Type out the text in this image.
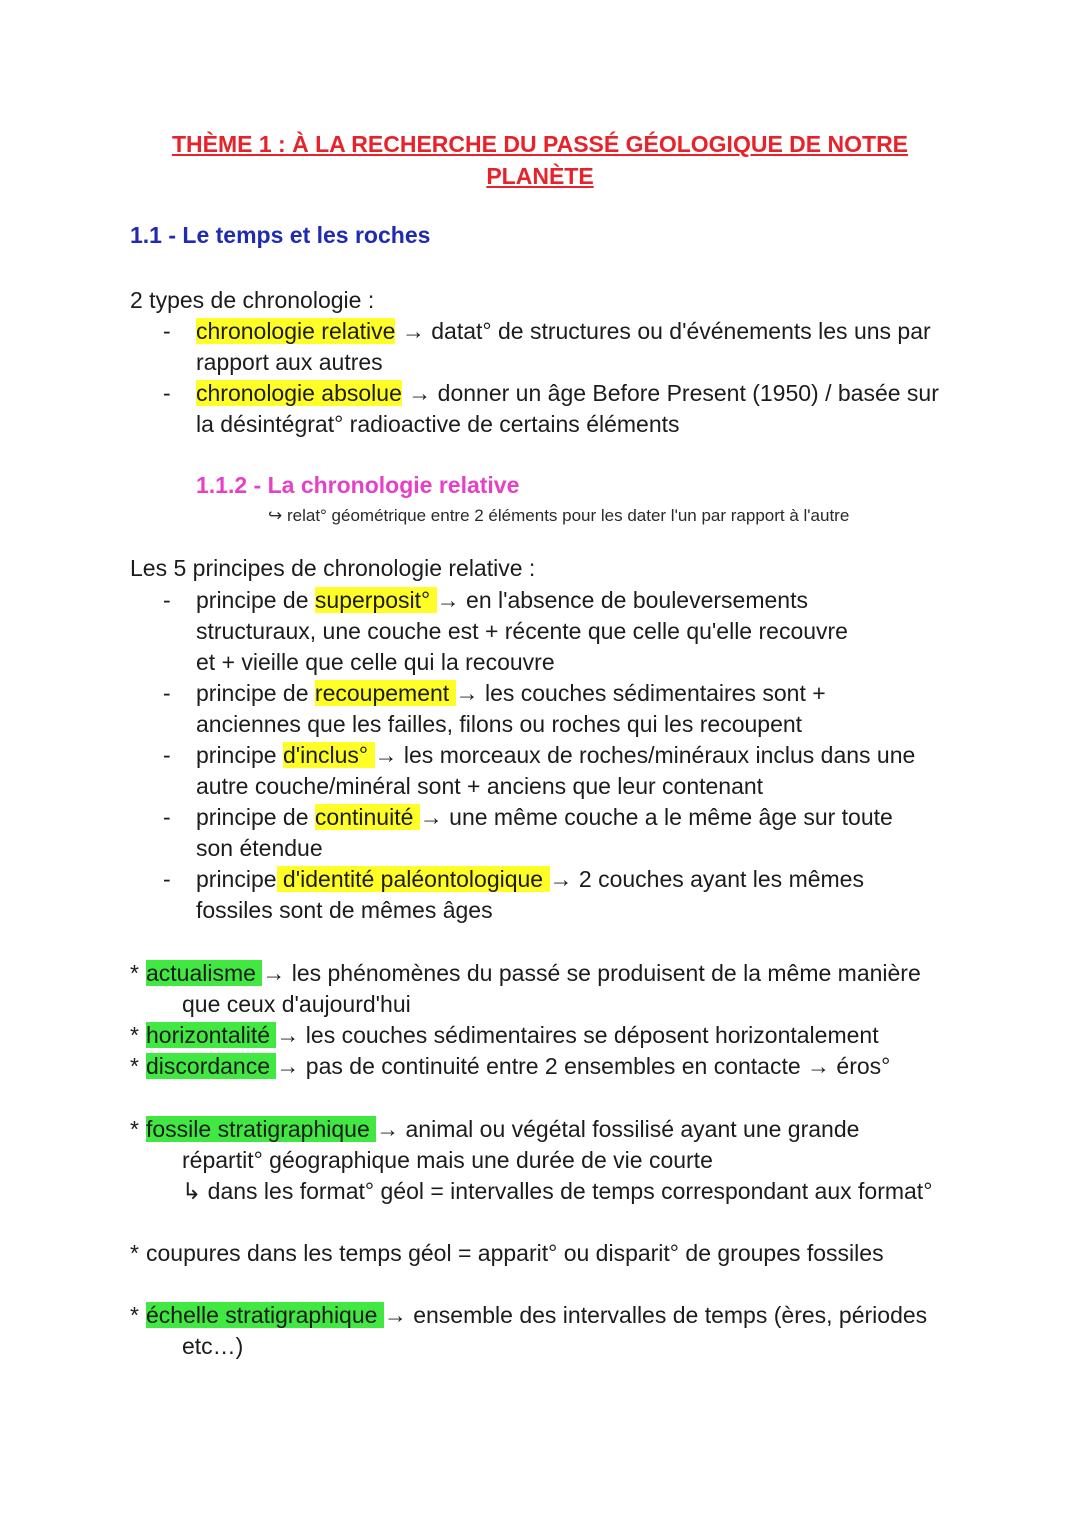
THÈME 1 : À LA RECHERCHE DU PASSÉ GÉOLOGIQUE DE NOTRE
PLANÈTE
1.1 - Le temps et les roches
2 types de chronologie :
- chronologie relative → datat° de structures ou d'événements les uns par rapport aux autres
- chronologie absolue → donner un âge Before Present (1950) / basée sur la désintégrat° radioactive de certains éléments
1.1.2 - La chronologie relative
↪ relat° géométrique entre 2 éléments pour les dater l'un par rapport à l'autre
Les 5 principes de chronologie relative :
- principe de superposit° → en l'absence de bouleversements structuraux, une couche est + récente que celle qu'elle recouvre et + vieille que celle qui la recouvre
- principe de recoupement → les couches sédimentaires sont + anciennes que les failles, filons ou roches qui les recoupent
- principe d'inclus° → les morceaux de roches/minéraux inclus dans une autre couche/minéral sont + anciens que leur contenant
- principe de continuité → une même couche a le même âge sur toute son étendue
- principe d'identité paléontologique → 2 couches ayant les mêmes fossiles sont de mêmes âges
* actualisme → les phénomènes du passé se produisent de la même manière
que ceux d'aujourd'hui
* horizontalité → les couches sédimentaires se déposent horizontalement
* discordance → pas de continuité entre 2 ensembles en contacte → éros°
* fossile stratigraphique → animal ou végétal fossilisé ayant une grande
répartit° géographique mais une durée de vie courte
↳ dans les format° géol = intervalles de temps correspondant aux format°
* coupures dans les temps géol = apparit° ou disparit° de groupes fossiles
* échelle stratigraphique → ensemble des intervalles de temps (ères, périodes
etc…)
